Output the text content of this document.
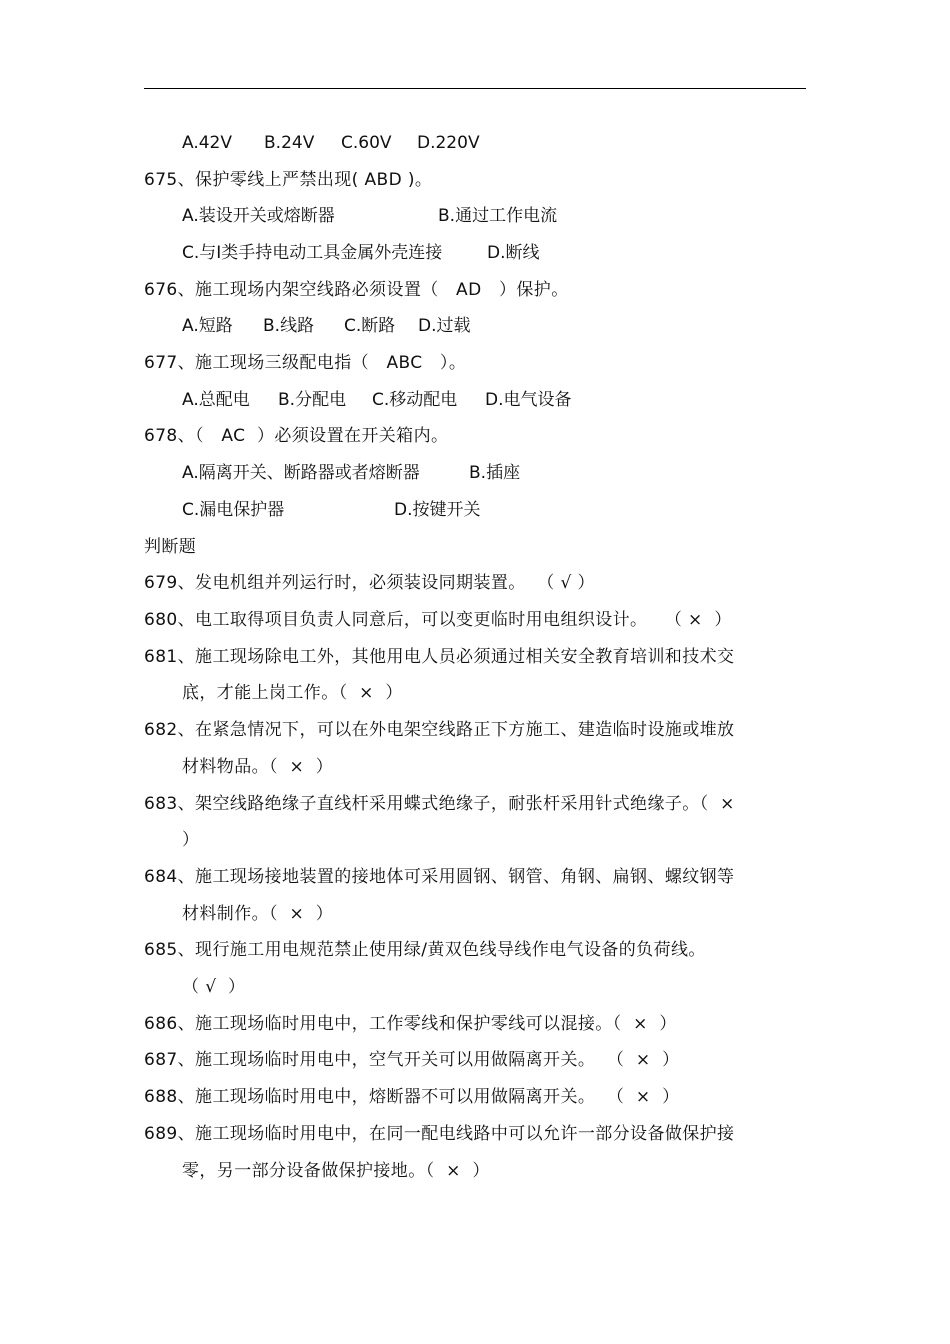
A.42V B.24V C.60V D.220V
675、保护零线上严禁出现( ABD )。
A.装设开关或熔断器	B.通过工作电流
C.与I类手持电动工具金属外壳连接	D.断线
676、施工现场内架空线路必须设置（   AD   ）保护。
A.短路 B.线路 C.断路 D.过载
677、施工现场三级配电指（   ABC   ）。
A.总配电 B.分配电 C.移动配电 D.电气设备
678、（   AC  ）必须设置在开关箱内。
A.隔离开关、断路器或者熔断器	B.插座
C.漏电保护器	D.按键开关
判断题
679、发电机组并列运行时，必须装设同期装置。  （ √ ）
680、电工取得项目负责人同意后，可以变更临时用电组织设计。   （ ×  ）
681、施工现场除电工外，其他用电人员必须通过相关安全教育培训和技术交
底，才能上岗工作。（  ×  ）
682、在紧急情况下，可以在外电架空线路正下方施工、建造临时设施或堆放
材料物品。（  ×  ）
683、架空线路绝缘子直线杆采用蝶式绝缘子，耐张杆采用针式绝缘子。（  ×
）
684、施工现场接地装置的接地体可采用圆钢、钢管、角钢、扁钢、螺纹钢等
材料制作。（  ×  ）
685、现行施工用电规范禁止使用绿/黄双色线导线作电气设备的负荷线。
（ √  ）
686、施工现场临时用电中，工作零线和保护零线可以混接。（  ×  ）
687、施工现场临时用电中，空气开关可以用做隔离开关。  （  ×  ）
688、施工现场临时用电中，熔断器不可以用做隔离开关。  （  ×  ）
689、施工现场临时用电中，在同一配电线路中可以允许一部分设备做保护接
零，另一部分设备做保护接地。（  ×  ）
